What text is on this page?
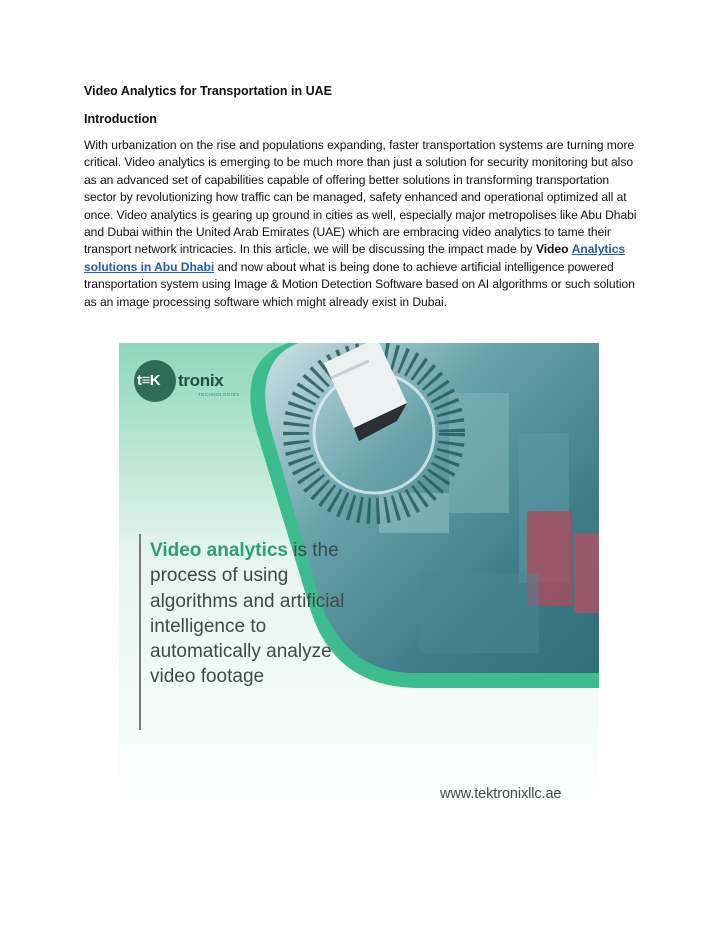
Video Analytics for Transportation in UAE
Introduction

With urbanization on the rise and populations expanding, faster transportation systems are turning more critical. Video analytics is emerging to be much more than just a solution for security monitoring but also as an advanced set of capabilities capable of offering better solutions in transforming transportation sector by revolutionizing how traffic can be managed, safety enhanced and operational optimized all at once. Video analytics is gearing up ground in cities as well, especially major metropolises like Abu Dhabi and Dubai within the United Arab Emirates (UAE) which are embracing video analytics to tame their transport network intricacies. In this article, we will be discussing the impact made by Video Analytics solutions in Abu Dhabi and now about what is being done to achieve artificial intelligence powered transportation system using Image & Motion Detection Software based on AI algorithms or such solution as an image processing software which might already exist in Dubai.

t≡K tronix
TECHNOLOGIES

Video analytics is the process of using algorithms and artificial intelligence to automatically analyze video footage

www.tektronixllc.ae
